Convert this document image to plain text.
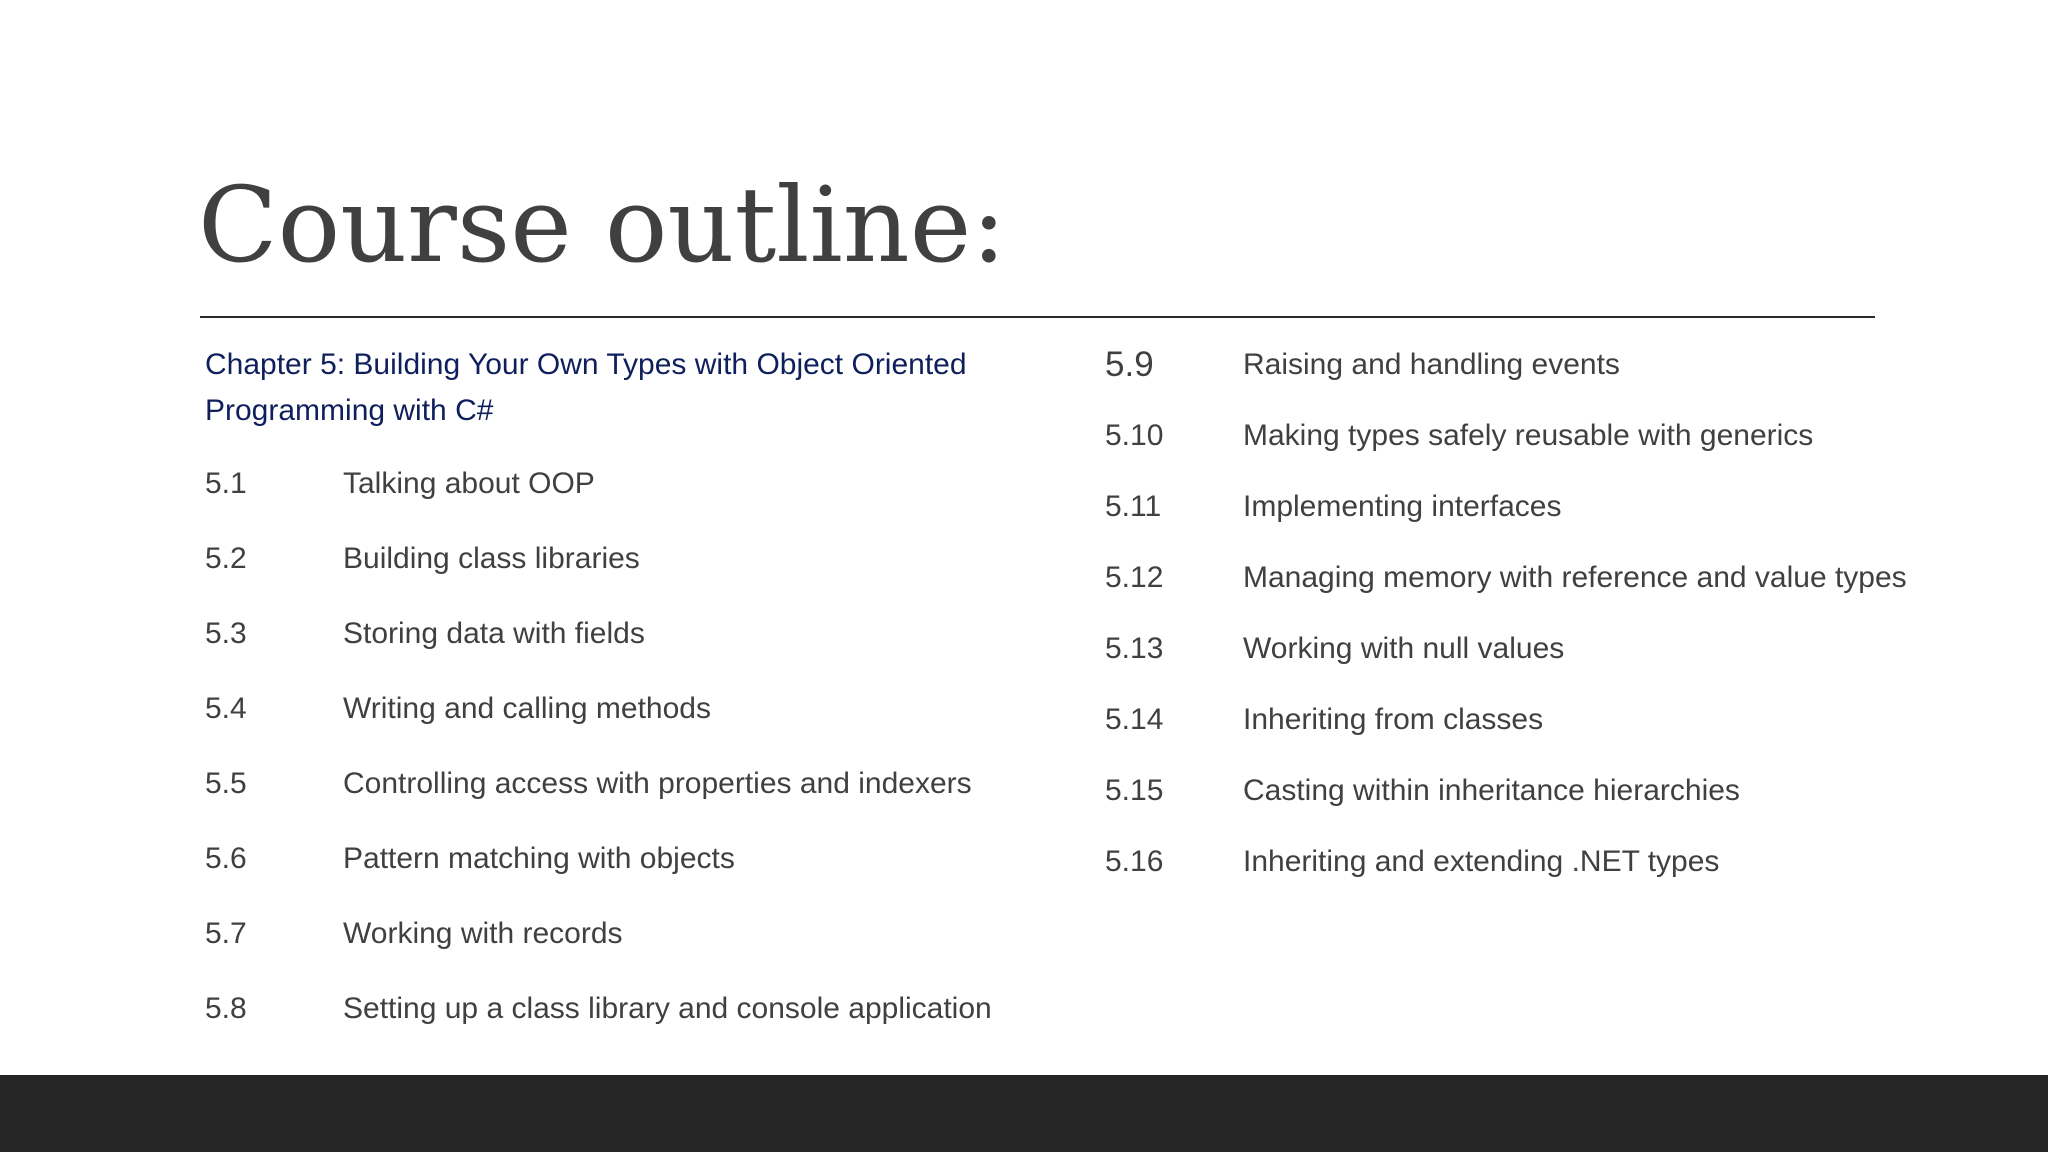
Course outline:
Chapter 5: Building Your Own Types with Object Oriented
Programming with C#
5.1	Talking about OOP
5.2	Building class libraries
5.3	Storing data with fields
5.4	Writing and calling methods
5.5	Controlling access with properties and indexers
5.6	Pattern matching with objects
5.7	Working with records
5.8	Setting up a class library and console application
5.9	Raising and handling events
5.10	Making types safely reusable with generics
5.11	Implementing interfaces
5.12	Managing memory with reference and value types
5.13	Working with null values
5.14	Inheriting from classes
5.15	Casting within inheritance hierarchies
5.16	Inheriting and extending .NET types
